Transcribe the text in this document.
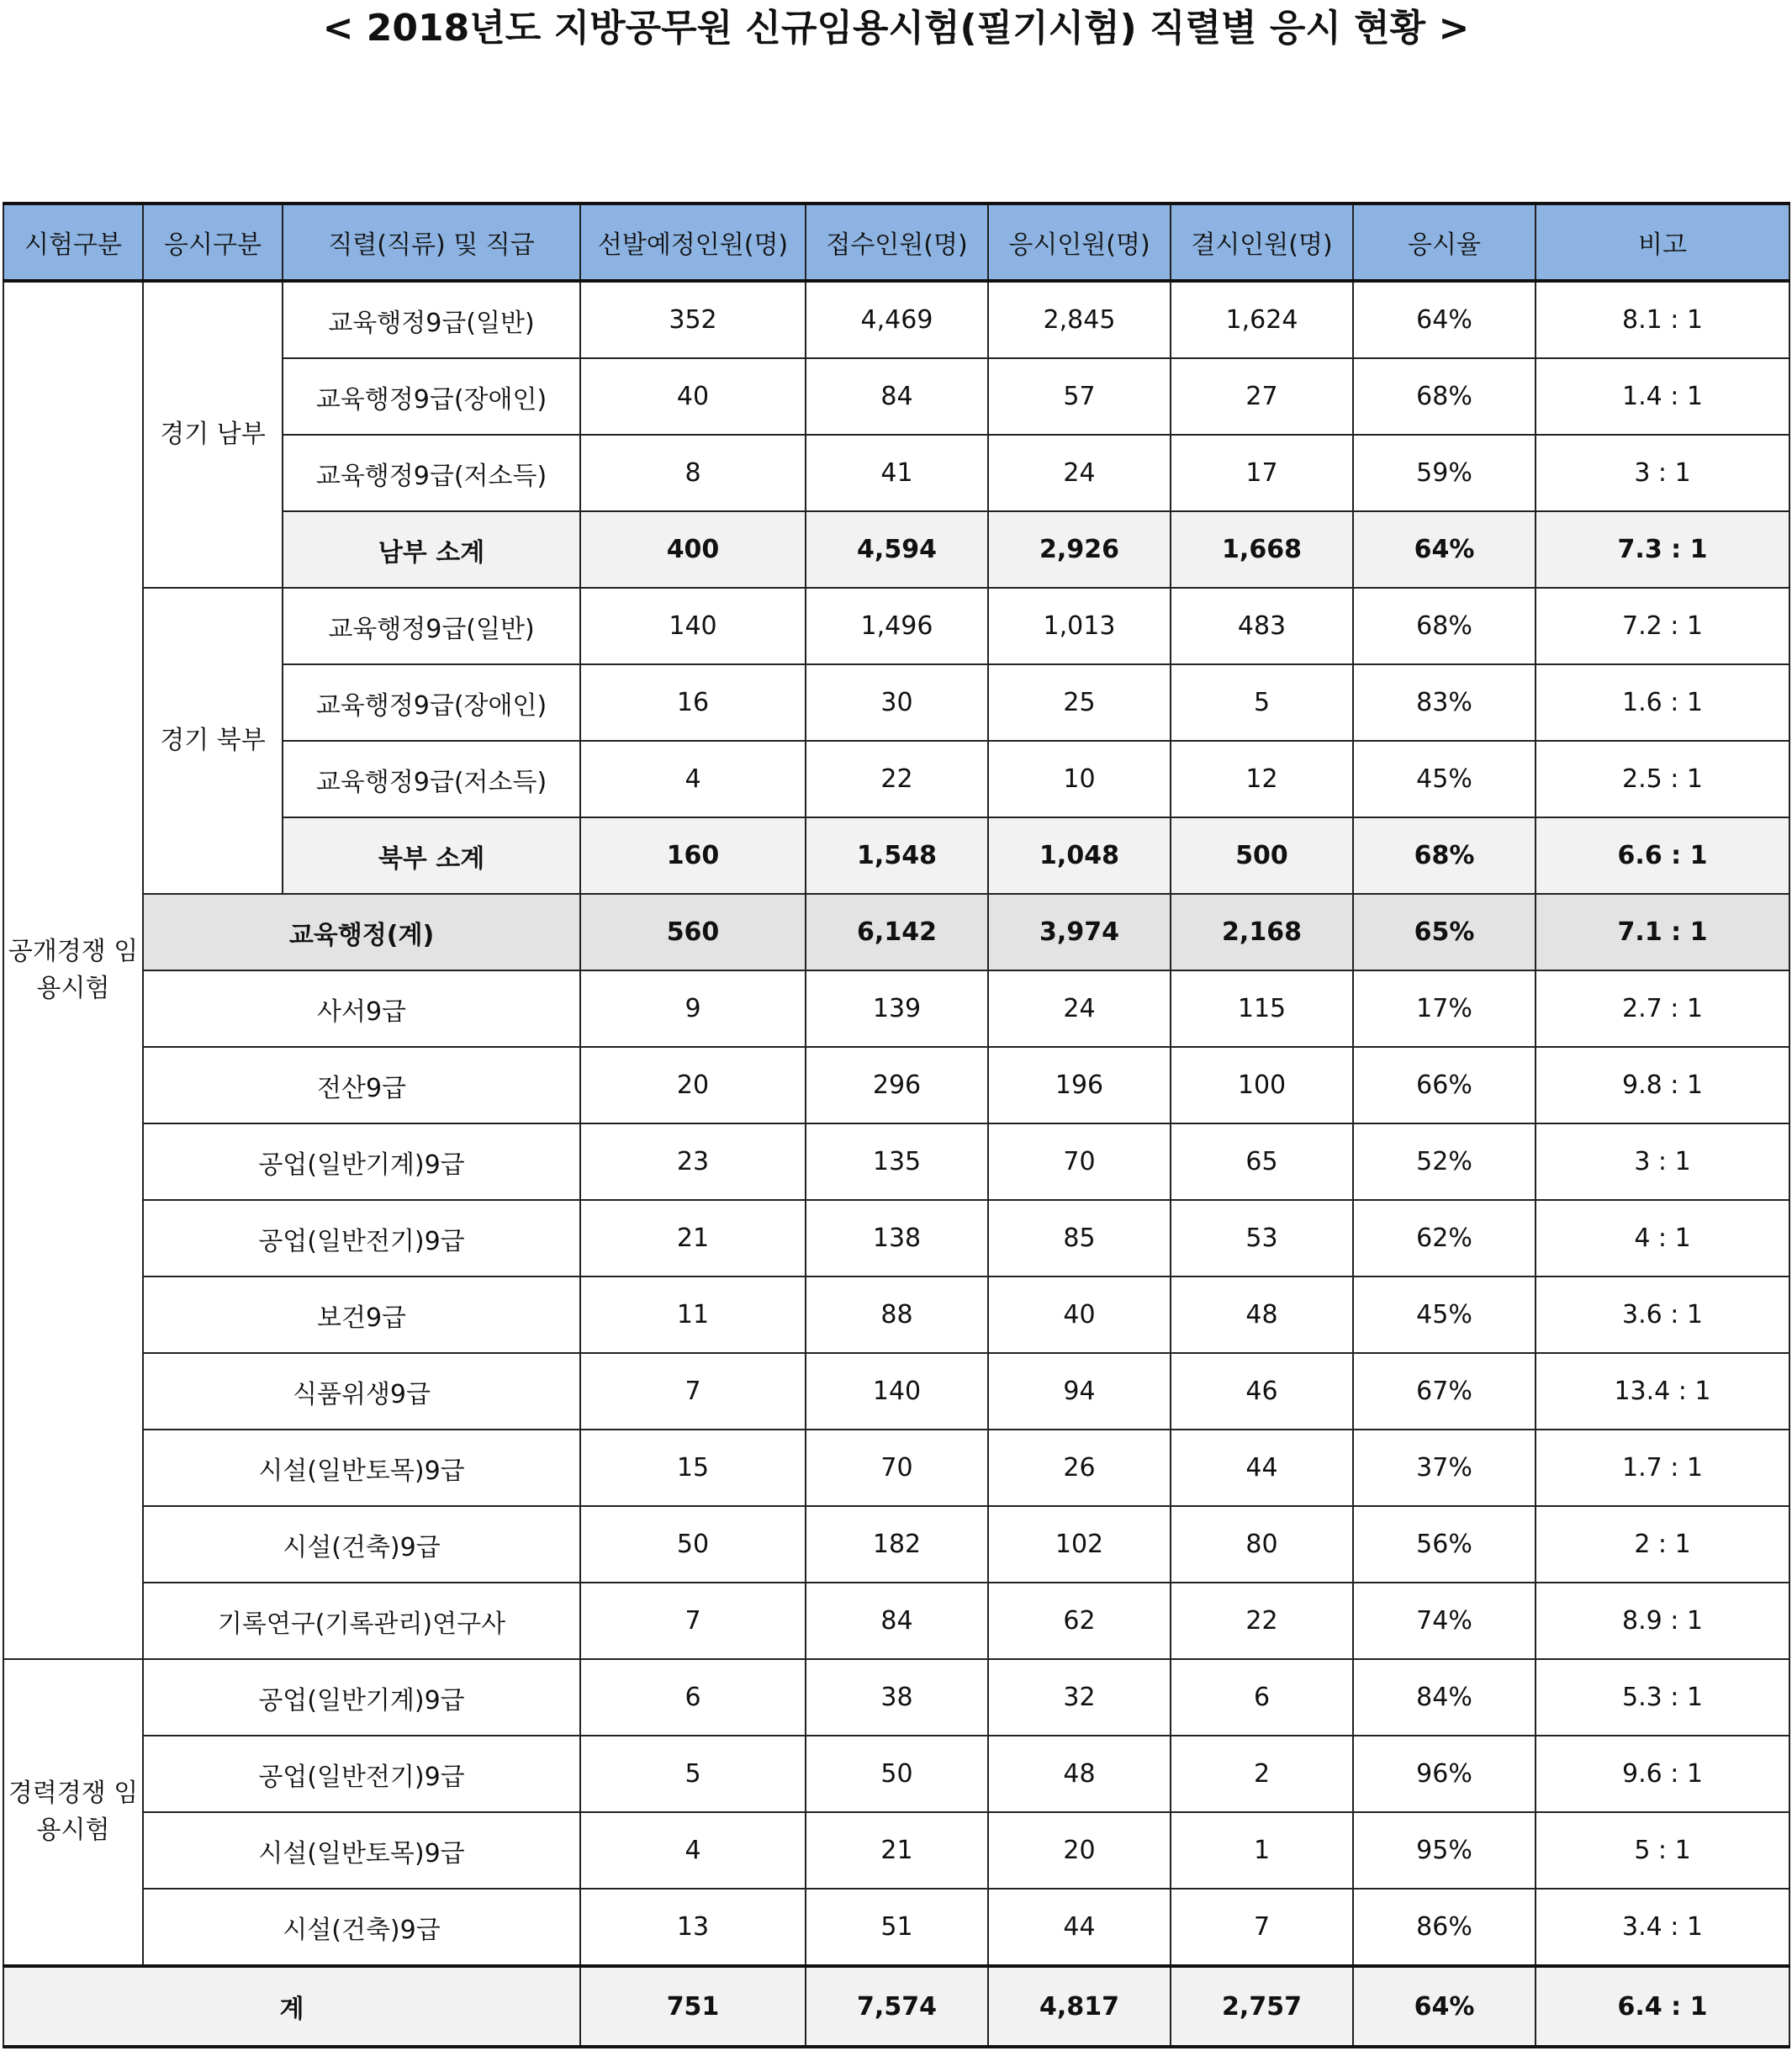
< 2018년도 지방공무원 신규임용시험(필기시험) 직렬별 응시 현황 >
시험구분	응시구분	직렬(직류) 및 직급	선발예정인원(명)	접수인원(명)	응시인원(명)	결시인원(명)	응시율	비고
공개경쟁 임용시험	경기 남부	교육행정9급(일반)	352	4,469	2,845	1,624	64%	8.1 : 1
		교육행정9급(장애인)	40	84	57	27	68%	1.4 : 1
		교육행정9급(저소득)	8	41	24	17	59%	3 : 1
		남부 소계	400	4,594	2,926	1,668	64%	7.3 : 1
	경기 북부	교육행정9급(일반)	140	1,496	1,013	483	68%	7.2 : 1
		교육행정9급(장애인)	16	30	25	5	83%	1.6 : 1
		교육행정9급(저소득)	4	22	10	12	45%	2.5 : 1
		북부 소계	160	1,548	1,048	500	68%	6.6 : 1
	교육행정(계)		560	6,142	3,974	2,168	65%	7.1 : 1
	사서9급		9	139	24	115	17%	2.7 : 1
	전산9급		20	296	196	100	66%	9.8 : 1
	공업(일반기계)9급		23	135	70	65	52%	3 : 1
	공업(일반전기)9급		21	138	85	53	62%	4 : 1
	보건9급		11	88	40	48	45%	3.6 : 1
	식품위생9급		7	140	94	46	67%	13.4 : 1
	시설(일반토목)9급		15	70	26	44	37%	1.7 : 1
	시설(건축)9급		50	182	102	80	56%	2 : 1
	기록연구(기록관리)연구사		7	84	62	22	74%	8.9 : 1
경력경쟁 임용시험	공업(일반기계)9급		6	38	32	6	84%	5.3 : 1
	공업(일반전기)9급		5	50	48	2	96%	9.6 : 1
	시설(일반토목)9급		4	21	20	1	95%	5 : 1
	시설(건축)9급		13	51	44	7	86%	3.4 : 1
계			751	7,574	4,817	2,757	64%	6.4 : 1
